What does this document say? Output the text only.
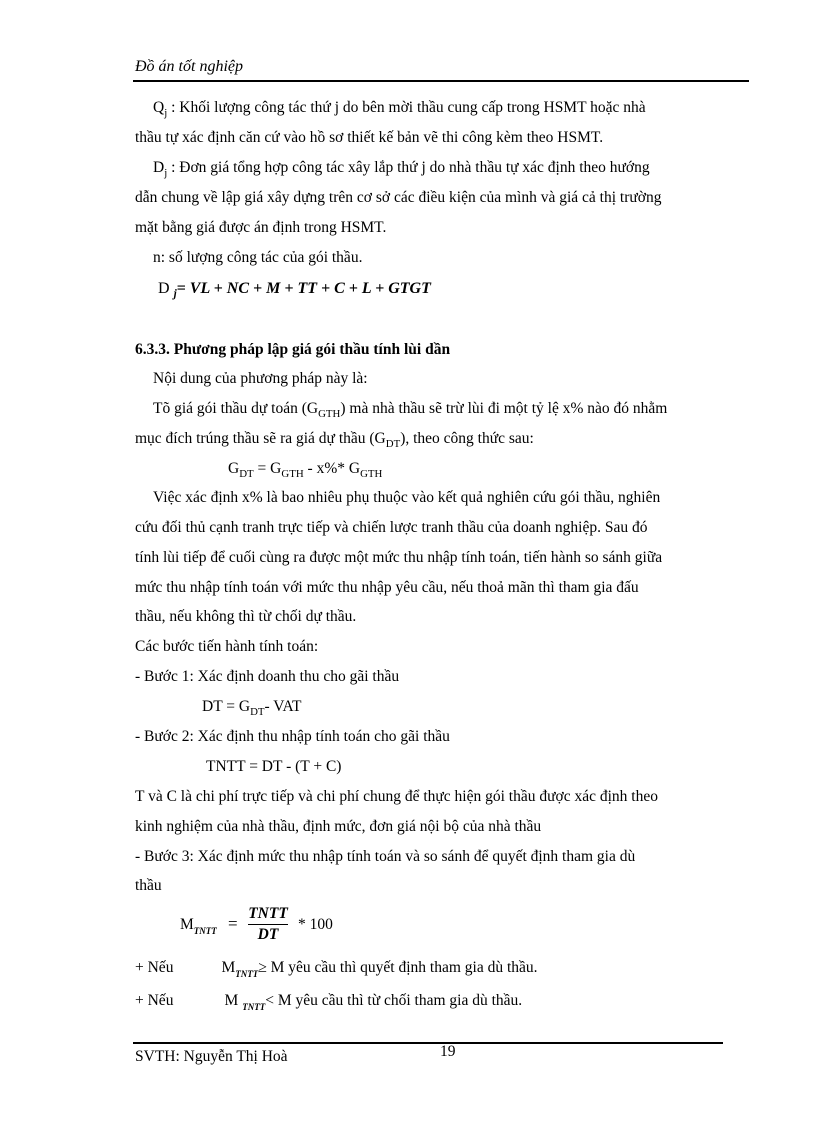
Đồ án tốt nghiệp
$Q_j$ : Khối lượng công tác thứ j do bên mời thầu cung cấp trong HSMT hoặc nhà
thầu tự xác định căn cứ vào hồ sơ thiết kế bản vẽ thi công kèm theo HSMT.
$D_j$ : Đơn giá tổng hợp công tác xây lắp thứ j do nhà thầu tự xác định theo hướng
dẫn chung về lập giá xây dựng trên cơ sở các điều kiện của mình và giá cả thị trường
mặt bằng giá được án định trong HSMT.
n: số lượng công tác của gói thầu.
D $_j$= VL + NC + M + TT + C + L + GTGT
6.3.3. Phương pháp lập giá gói thầu tính lùi dần
Nội dung của phương pháp này là:
Tõ giá gói thầu dự toán $(G_{GTH})$ mà nhà thầu sẽ trừ lùi đi một tỷ lệ x% nào đó nhằm
mục đích trúng thầu sẽ ra giá dự thầu $(G_{DT})$, theo công thức sau:
$G_{DT} = G_{GTH} - x\%*$ $G_{GTH}$
Việc xác định x% là bao nhiêu phụ thuộc vào kết quả nghiên cứu gói thầu, nghiên
cứu đối thủ cạnh tranh trực tiếp và chiến lược tranh thầu của doanh nghiệp. Sau đó
tính lùi tiếp để cuối cùng ra được một mức thu nhập tính toán, tiến hành so sánh giữa
mức thu nhập tính toán với mức thu nhập yêu cầu, nếu thoả mãn thì tham gia đấu
thầu, nếu không thì từ chối dự thầu.
Các bước tiến hành tính toán:
- Bước 1: Xác định doanh thu cho gãi thầu
DT = $G_{DT}-$ VAT
- Bước 2: Xác định thu nhập tính toán cho gãi thầu
TNTT = DT - (T + C)
T và C là chi phí trực tiếp và chi phí chung để thực hiện gói thầu được xác định theo
kinh nghiệm của nhà thầu, định mức, đơn giá nội bộ của nhà thầu
- Bước 3: Xác định mức thu nhập tính toán và so sánh để quyết định tham gia dù
thầu
$M_{TNTT}$ =
TNTT
DT
* 100
+ Nếu	$M_{TNTT}\ge M$ yêu cầu thì quyết định tham gia dù thầu.
+ Nếu	M $_{TNTT}$< M yêu cầu thì từ chối tham gia dù thầu.
19
SVTH: Nguyễn Thị Hoà
